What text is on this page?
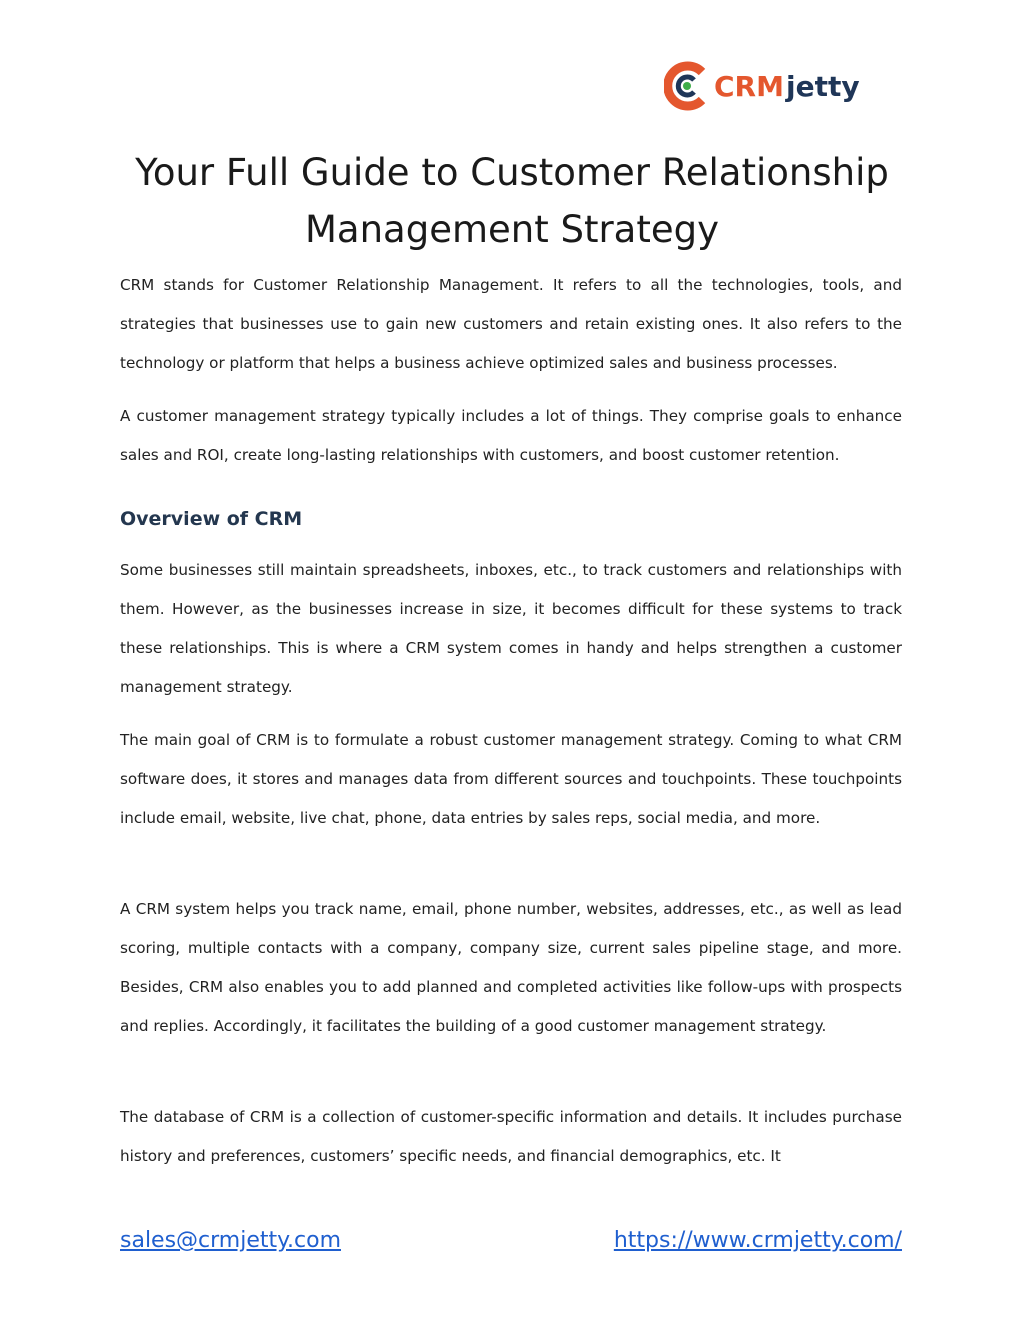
CRM jetty
Your Full Guide to Customer Relationship
Management Strategy

CRM stands for Customer Relationship Management. It refers to all the technologies, tools, and strategies that businesses use to gain new customers and retain existing ones. It also refers to the technology or platform that helps a business achieve optimized sales and business processes.

A customer management strategy typically includes a lot of things. They comprise goals to enhance sales and ROI, create long-lasting relationships with customers, and boost customer retention.

Overview of CRM

Some businesses still maintain spreadsheets, inboxes, etc., to track customers and relationships with them. However, as the businesses increase in size, it becomes difficult for these systems to track these relationships. This is where a CRM system comes in handy and helps strengthen a customer management strategy.

The main goal of CRM is to formulate a robust customer management strategy. Coming to what CRM software does, it stores and manages data from different sources and touchpoints. These touchpoints include email, website, live chat, phone, data entries by sales reps, social media, and more.

A CRM system helps you track name, email, phone number, websites, addresses, etc., as well as lead scoring, multiple contacts with a company, company size, current sales pipeline stage, and more. Besides, CRM also enables you to add planned and completed activities like follow-ups with prospects and replies. Accordingly, it facilitates the building of a good customer management strategy.

The database of CRM is a collection of customer-specific information and details. It includes purchase history and preferences, customers’ specific needs, and financial demographics, etc. It

sales@crmjetty.com	https://www.crmjetty.com/
